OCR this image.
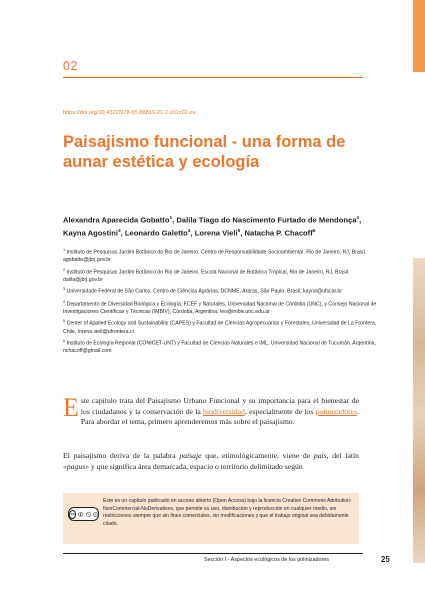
02
https://doi.org/10.4322/978-65-86819-21-2.s01c02.es
Paisajismo funcional - una forma de aunar estética y ecología
Alexandra Aparecida Gobatto$^1$, Dalila Tiago do Nascimento Furtado de Mendonça$^2$, Kayna Agostini$^3$, Leonardo Galetto$^4$, Lorena Vieli$^5$, Natacha P. Chacoff$^6$

$^1$ Instituto de Pesquisas Jardim Botânico do Rio de Janeiro, Centro de Responsabilidade Socioambiental. Rio de Janeiro, RJ, Brasil. agobatto@jbrj.gov.br

$^2$ Instituto de Pesquisas Jardim Botânico do Rio de Janeiro, Escola Nacional de Botânica Tropical, Rio de Janeiro, RJ, Brasil. dalila@jbrj.gov.br

$^3$ Universidade Federal de São Carlos, Centro de Ciências Agrárias, DCNME, Araras, São Paulo, Brasil, kayna@ufscar.br

$^4$ Departamento de Diversidad Biológica y Ecología, FCEF y Naturales, Universidad Nacional de Córdoba (UNC), y Consejo Nacional de Investigaciones Científicas y Técnicas (IMBIV), Córdoba, Argentina, leo@imbiv.unc.edu.ar

$^5$ Center of Applied Ecology and Sustainability (CAPES) y Facultad de Ciencias Agropecuarias y Forestales, Universidad de La Frontera, Chile, lorena.vieli@ufrontera.cl

$^6$ Instituto de Ecología Regional (CONICET-UNT) y Facultad de Ciencias Naturales e IML, Universidad Nacional de Tucumán, Argentina, nchacoff@gmail.com

Este capítulo trata del Paisajismo Urbano Funcional y su importancia para el bienestar de los ciudadanos y la conservación de la biodiversidad, especialmente de los polinizadores. Para abordar el tema, primero aprenderemos más sobre el paisajismo.

El paisajismo deriva de la palabra paisaje que, etimológicamente, viene de país, del latín «pagus» y que significa área demarcada, espacio o territorio delimitado según

cc

Este es un capítulo publicado en acceso abierto (Open Access) bajo la licencia Creative Commons Attribution-NonCommercial-NoDerivatives, que permite su uso, distribución y reproducción en cualquier medio, sin restricciones siempre que sin fines comerciales, sin modificaciones y que el trabajo original sea debidamente citado.

Sección I - Aspectos ecológicos de los polinizadores	25
